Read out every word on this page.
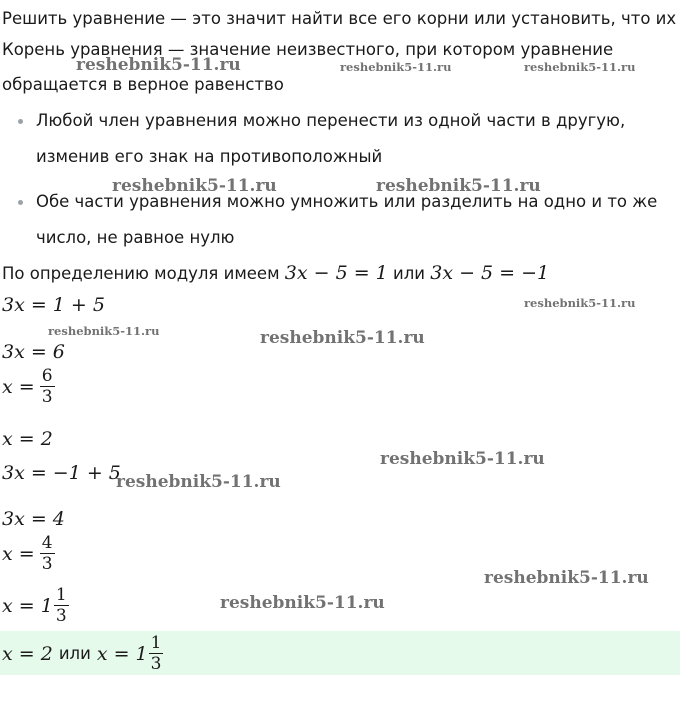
Решить уравнение — это значит найти все его корни или установить, что их
Корень уравнения — значение неизвестного, при котором уравнение
обращается в верное равенство
Любой член уравнения можно перенести из одной части в другую,
изменив его знак на противоположный
Обе части уравнения можно умножить или разделить на одно и то же
число, не равное нулю
По определению модуля имеем 3x − 5 = 1 или 3x − 5 = −1
3x = 1 + 5
3x = 6
$x = \frac{6}{3}$
x = 2
3x = −1 + 5
3x = 4
$x = \frac{4}{3}$
$x = 1 \frac{1}{3}$
x = 2 или $x = 1 \frac{1}{3}$
reshebnik5-11.ru	reshebnik5-11.ru	reshebnik5-11.ru
reshebnik5-11.ru	reshebnik5-11.ru
reshebnik5-11.ru
reshebnik5-11.ru	reshebnik5-11.ru
reshebnik5-11.ru
reshebnik5-11.ru
reshebnik5-11.ru
reshebnik5-11.ru
